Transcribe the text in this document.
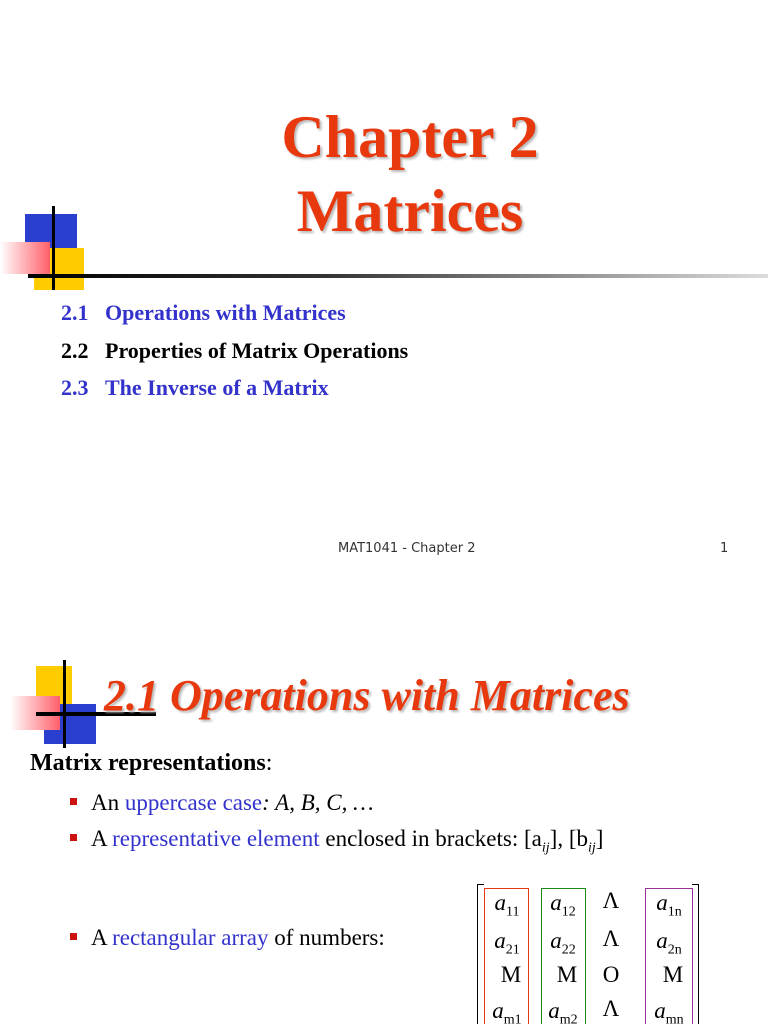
Chapter 2
Matrices
2.1 Operations with Matrices
2.2 Properties of Matrix Operations
2.3 The Inverse of a Matrix
MAT1041 - Chapter 2	1
2.1 Operations with Matrices
Matrix representations:
An uppercase case: A, B, C, …
A representative element enclosed in brackets: $[a_{ij}]$, $[b_{ij}]$
A rectangular array of numbers:
$a_{11}$	$a_{12}$	Λ	$a_{1n}$
$a_{21}$	$a_{22}$	Λ	$a_{2n}$
M	M	O	M
$a_{m1}$	$a_{m2}$	Λ	$a_{mn}$
